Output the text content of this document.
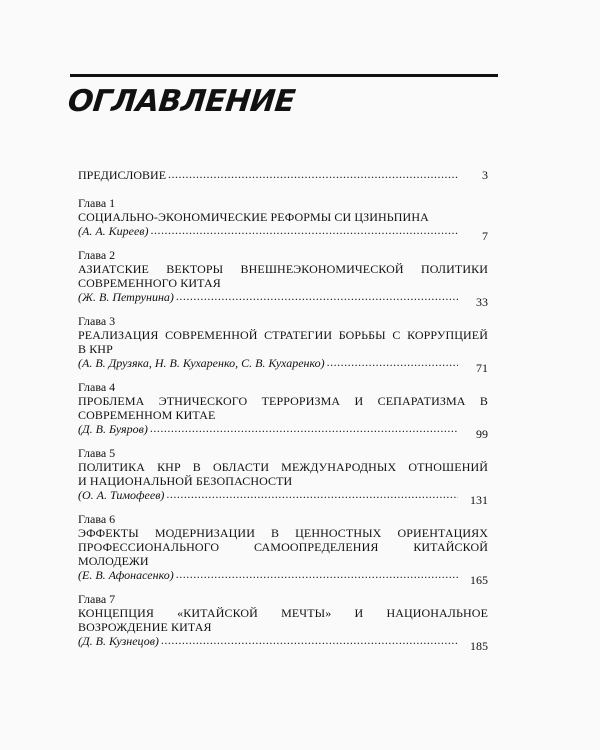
ОГЛАВЛЕНИЕ
ПРЕДИСЛОВИЕ .....	3
Глава 1
СОЦИАЛЬНО-ЭКОНОМИЧЕСКИЕ РЕФОРМЫ СИ ЦЗИНЬПИНА
(А. А. Киреев) .....	7
Глава 2
АЗИАТСКИЕ ВЕКТОРЫ ВНЕШНЕЭКОНОМИЧЕСКОЙ ПОЛИТИКИ
СОВРЕМЕННОГО КИТАЯ
(Ж. В. Петрунина) .....	33
Глава 3
РЕАЛИЗАЦИЯ СОВРЕМЕННОЙ СТРАТЕГИИ БОРЬБЫ С КОРРУПЦИЕЙ
В КНР
(А. В. Друзяка, Н. В. Кухаренко, С. В. Кухаренко) .....	71
Глава 4
ПРОБЛЕМА ЭТНИЧЕСКОГО ТЕРРОРИЗМА И СЕПАРАТИЗМА В
СОВРЕМЕННОМ КИТАЕ
(Д. В. Буяров) .....	99
Глава 5
ПОЛИТИКА КНР В ОБЛАСТИ МЕЖДУНАРОДНЫХ ОТНОШЕНИЙ
И НАЦИОНАЛЬНОЙ БЕЗОПАСНОСТИ
(О. А. Тимофеев) .....	131
Глава 6
ЭФФЕКТЫ МОДЕРНИЗАЦИИ В ЦЕННОСТНЫХ ОРИЕНТАЦИЯХ
ПРОФЕССИОНАЛЬНОГО САМООПРЕДЕЛЕНИЯ КИТАЙСКОЙ
МОЛОДЕЖИ
(Е. В. Афонасенко) .....	165
Глава 7
КОНЦЕПЦИЯ «КИТАЙСКОЙ МЕЧТЫ» И НАЦИОНАЛЬНОЕ
ВОЗРОЖДЕНИЕ КИТАЯ
(Д. В. Кузнецов) .....	185
